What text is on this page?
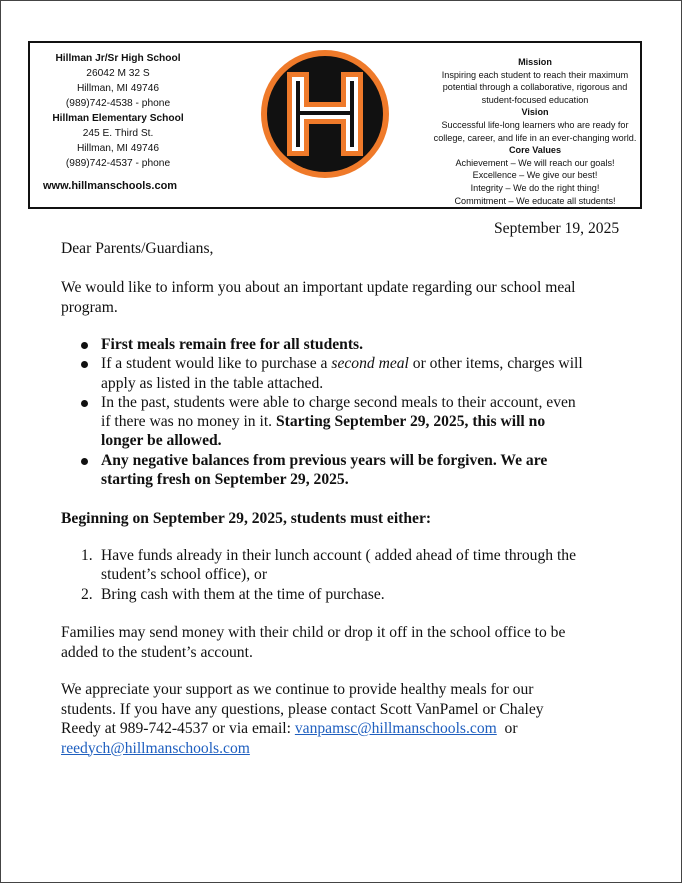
Hillman Jr/Sr High School
26042 M 32 S
Hillman, MI 49746
(989)742-4538 - phone
Hillman Elementary School
245 E. Third St.
Hillman, MI 49746
(989)742-4537 - phone
www.hillmanschools.com
Mission
Inspiring each student to reach their maximum
potential through a collaborative, rigorous and
student-focused education
Vision
Successful life-long learners who are ready for
college, career, and life in an ever-changing world.
Core Values
Achievement – We will reach our goals!
Excellence – We give our best!
Integrity – We do the right thing!
Commitment – We educate all students!
September 19, 2025
Dear Parents/Guardians,

We would like to inform you about an important update regarding our school meal
program.

First meals remain free for all students.
If a student would like to purchase a second meal or other items, charges will
apply as listed in the table attached.
In the past, students were able to charge second meals to their account, even
if there was no money in it. Starting September 29, 2025, this will no
longer be allowed.
Any negative balances from previous years will be forgiven. We are
starting fresh on September 29, 2025.
Beginning on September 29, 2025, students must either:
1. Have funds already in their lunch account ( added ahead of time through the
student’s school office), or
2. Bring cash with them at the time of purchase.

Families may send money with their child or drop it off in the school office to be
added to the student’s account.

We appreciate your support as we continue to provide healthy meals for our
students. If you have any questions, please contact Scott VanPamel or Chaley
Reedy at 989-742-4537 or via email: vanpamsc@hillmanschools.com  or
reedych@hillmanschools.com
